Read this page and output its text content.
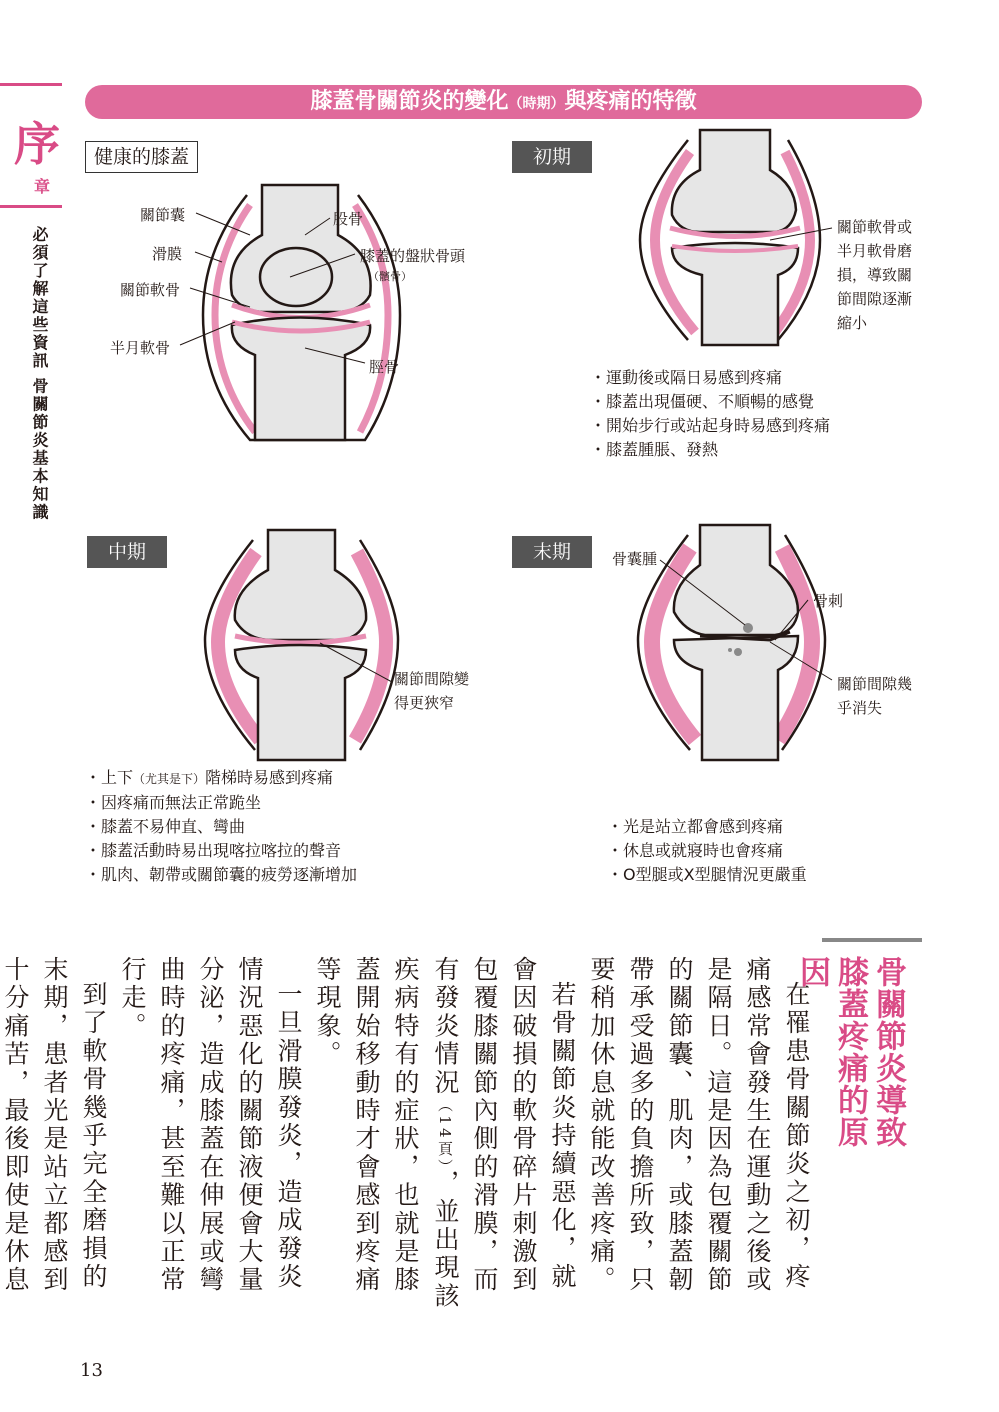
序
章
必須了解這些資訊 骨關節炎基本知識
膝蓋骨關節炎的變化（時期）與疼痛的特徵
健康的膝蓋
關節囊
滑膜
關節軟骨
半月軟骨
股骨
膝蓋的盤狀骨頭
（髕骨）
脛骨
初期
關節軟骨或
半月軟骨磨
損，導致關
節間隙逐漸
縮小
・ 運動後或隔日易感到疼痛
・ 膝蓋出現僵硬、不順暢的感覺
・ 開始步行或站起身時易感到疼痛
・ 膝蓋腫脹、發熱
中期
關節間隙變
得更狹窄
・ 上下（尤其是下）階梯時易感到疼痛
・ 因疼痛而無法正常跪坐
・ 膝蓋不易伸直、彎曲
・ 膝蓋活動時易出現喀拉喀拉的聲音
・ 肌肉、韌帶或關節囊的疲勞逐漸增加
末期	骨囊腫
骨刺
關節間隙幾
乎消失
・ 光是站立都會感到疼痛
・ 休息或就寢時也會疼痛
・ O型腿或X型腿情況更嚴重
骨關節炎導致
膝蓋疼痛的原因

在罹患骨關節炎之初，疼痛感常會發生在運動之後或是隔日。這是因為包覆關節的關節囊、肌肉，或膝蓋韌帶承受過多的負擔所致，只要稍加休息就能改善疼痛。

若骨關節炎持續惡化，就會因破損的軟骨碎片刺激到包覆膝關節內側的滑膜，而有發炎情況（14頁），並出現該疾病特有的症狀，也就是膝蓋開始移動時才會感到疼痛等現象。

一旦滑膜發炎，造成發炎情況惡化的關節液便會大量分泌，造成膝蓋在伸展或彎曲時的疼痛，甚至難以正常行走。

到了軟骨幾乎完全磨損的末期，患者光是站立都感到十分痛苦，最後即使是休息

13
